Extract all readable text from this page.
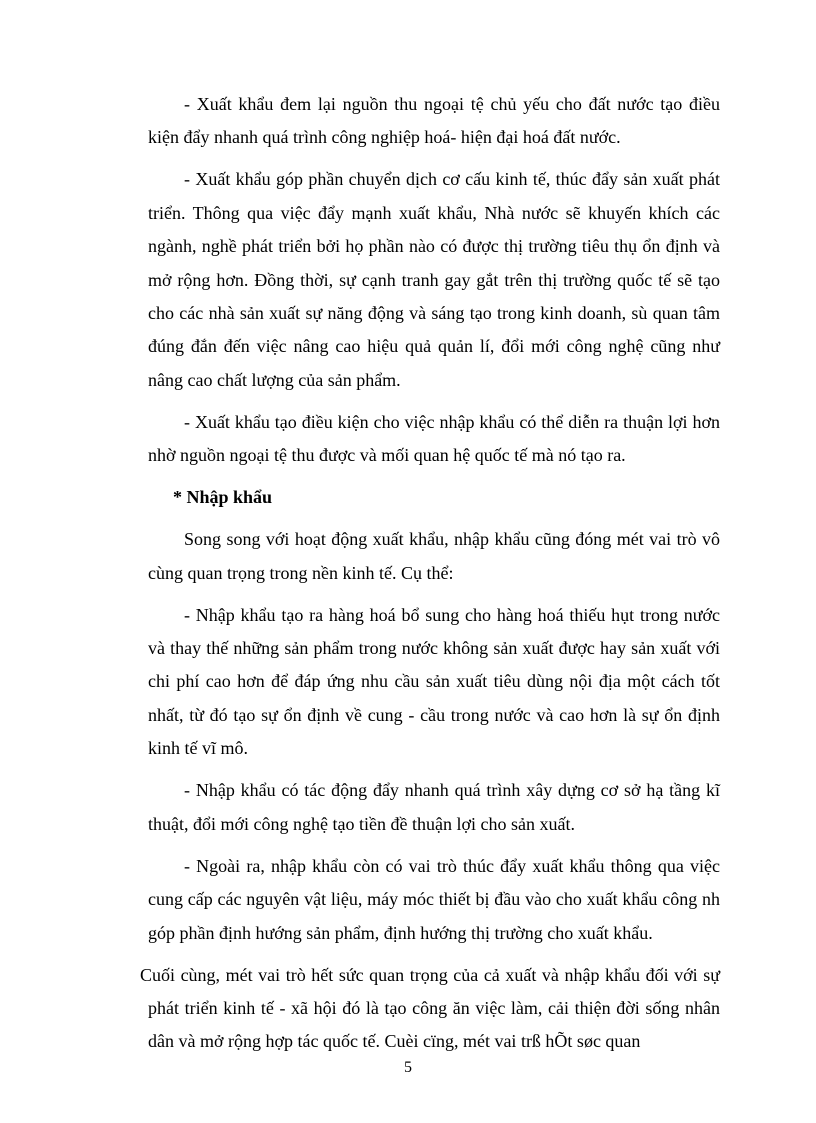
- Xuất khẩu đem lại nguồn thu ngoại tệ chủ yếu cho đất nước tạo điều kiện đẩy nhanh quá trình công nghiệp hoá- hiện đại hoá đất nước.

- Xuất khẩu góp phần chuyển dịch cơ cấu kinh tế, thúc đẩy sản xuất phát triển. Thông qua việc đẩy mạnh xuất khẩu, Nhà nước sẽ khuyến khích các ngành, nghề phát triển bởi họ phần nào có được thị trường tiêu thụ ổn định và mở rộng hơn. Đồng thời, sự cạnh tranh gay gắt trên thị trường quốc tế sẽ tạo cho các nhà sản xuất sự năng động và sáng tạo trong kinh doanh, sù quan tâm đúng đắn đến việc nâng cao hiệu quả quản lí, đổi mới công nghệ cũng như nâng cao chất lượng của sản phẩm.

- Xuất khẩu tạo điều kiện cho việc nhập khẩu có thể diễn ra thuận lợi hơn nhờ nguồn ngoại tệ thu được và mối quan hệ quốc tế mà nó tạo ra.

* Nhập khẩu

Song song với hoạt động xuất khẩu, nhập khẩu cũng đóng mét vai trò vô cùng quan trọng trong nền kinh tế. Cụ thể:

- Nhập khẩu tạo ra hàng hoá bổ sung cho hàng hoá thiếu hụt trong nước và thay thế những sản phẩm trong nước không sản xuất được hay sản xuất với chi phí cao hơn để đáp ứng nhu cầu sản xuất tiêu dùng nội địa một cách tốt nhất, từ đó tạo sự ổn định về cung - cầu trong nước và cao hơn là sự ổn định kinh tế vĩ mô.

- Nhập khẩu có tác động đẩy nhanh quá trình xây dựng cơ sở hạ tầng kĩ thuật, đổi mới công nghệ tạo tiền đề thuận lợi cho sản xuất.

- Ngoài ra, nhập khẩu còn có vai trò thúc đẩy xuất khẩu thông qua việc cung cấp các nguyên vật liệu, máy móc thiết bị đầu vào cho xuất khẩu công nh góp phần định hướng sản phẩm, định hướng thị trường cho xuất khẩu.

Cuối cùng, mét vai trò hết sức quan trọng của cả xuất và nhập khẩu đối với sự phát triển kinh tế - xã hội đó là tạo công ăn việc làm, cải thiện đời sống nhân dân và mở rộng hợp tác quốc tế. Cuèi cïng, mét vai trß hÕt søc quan

5
